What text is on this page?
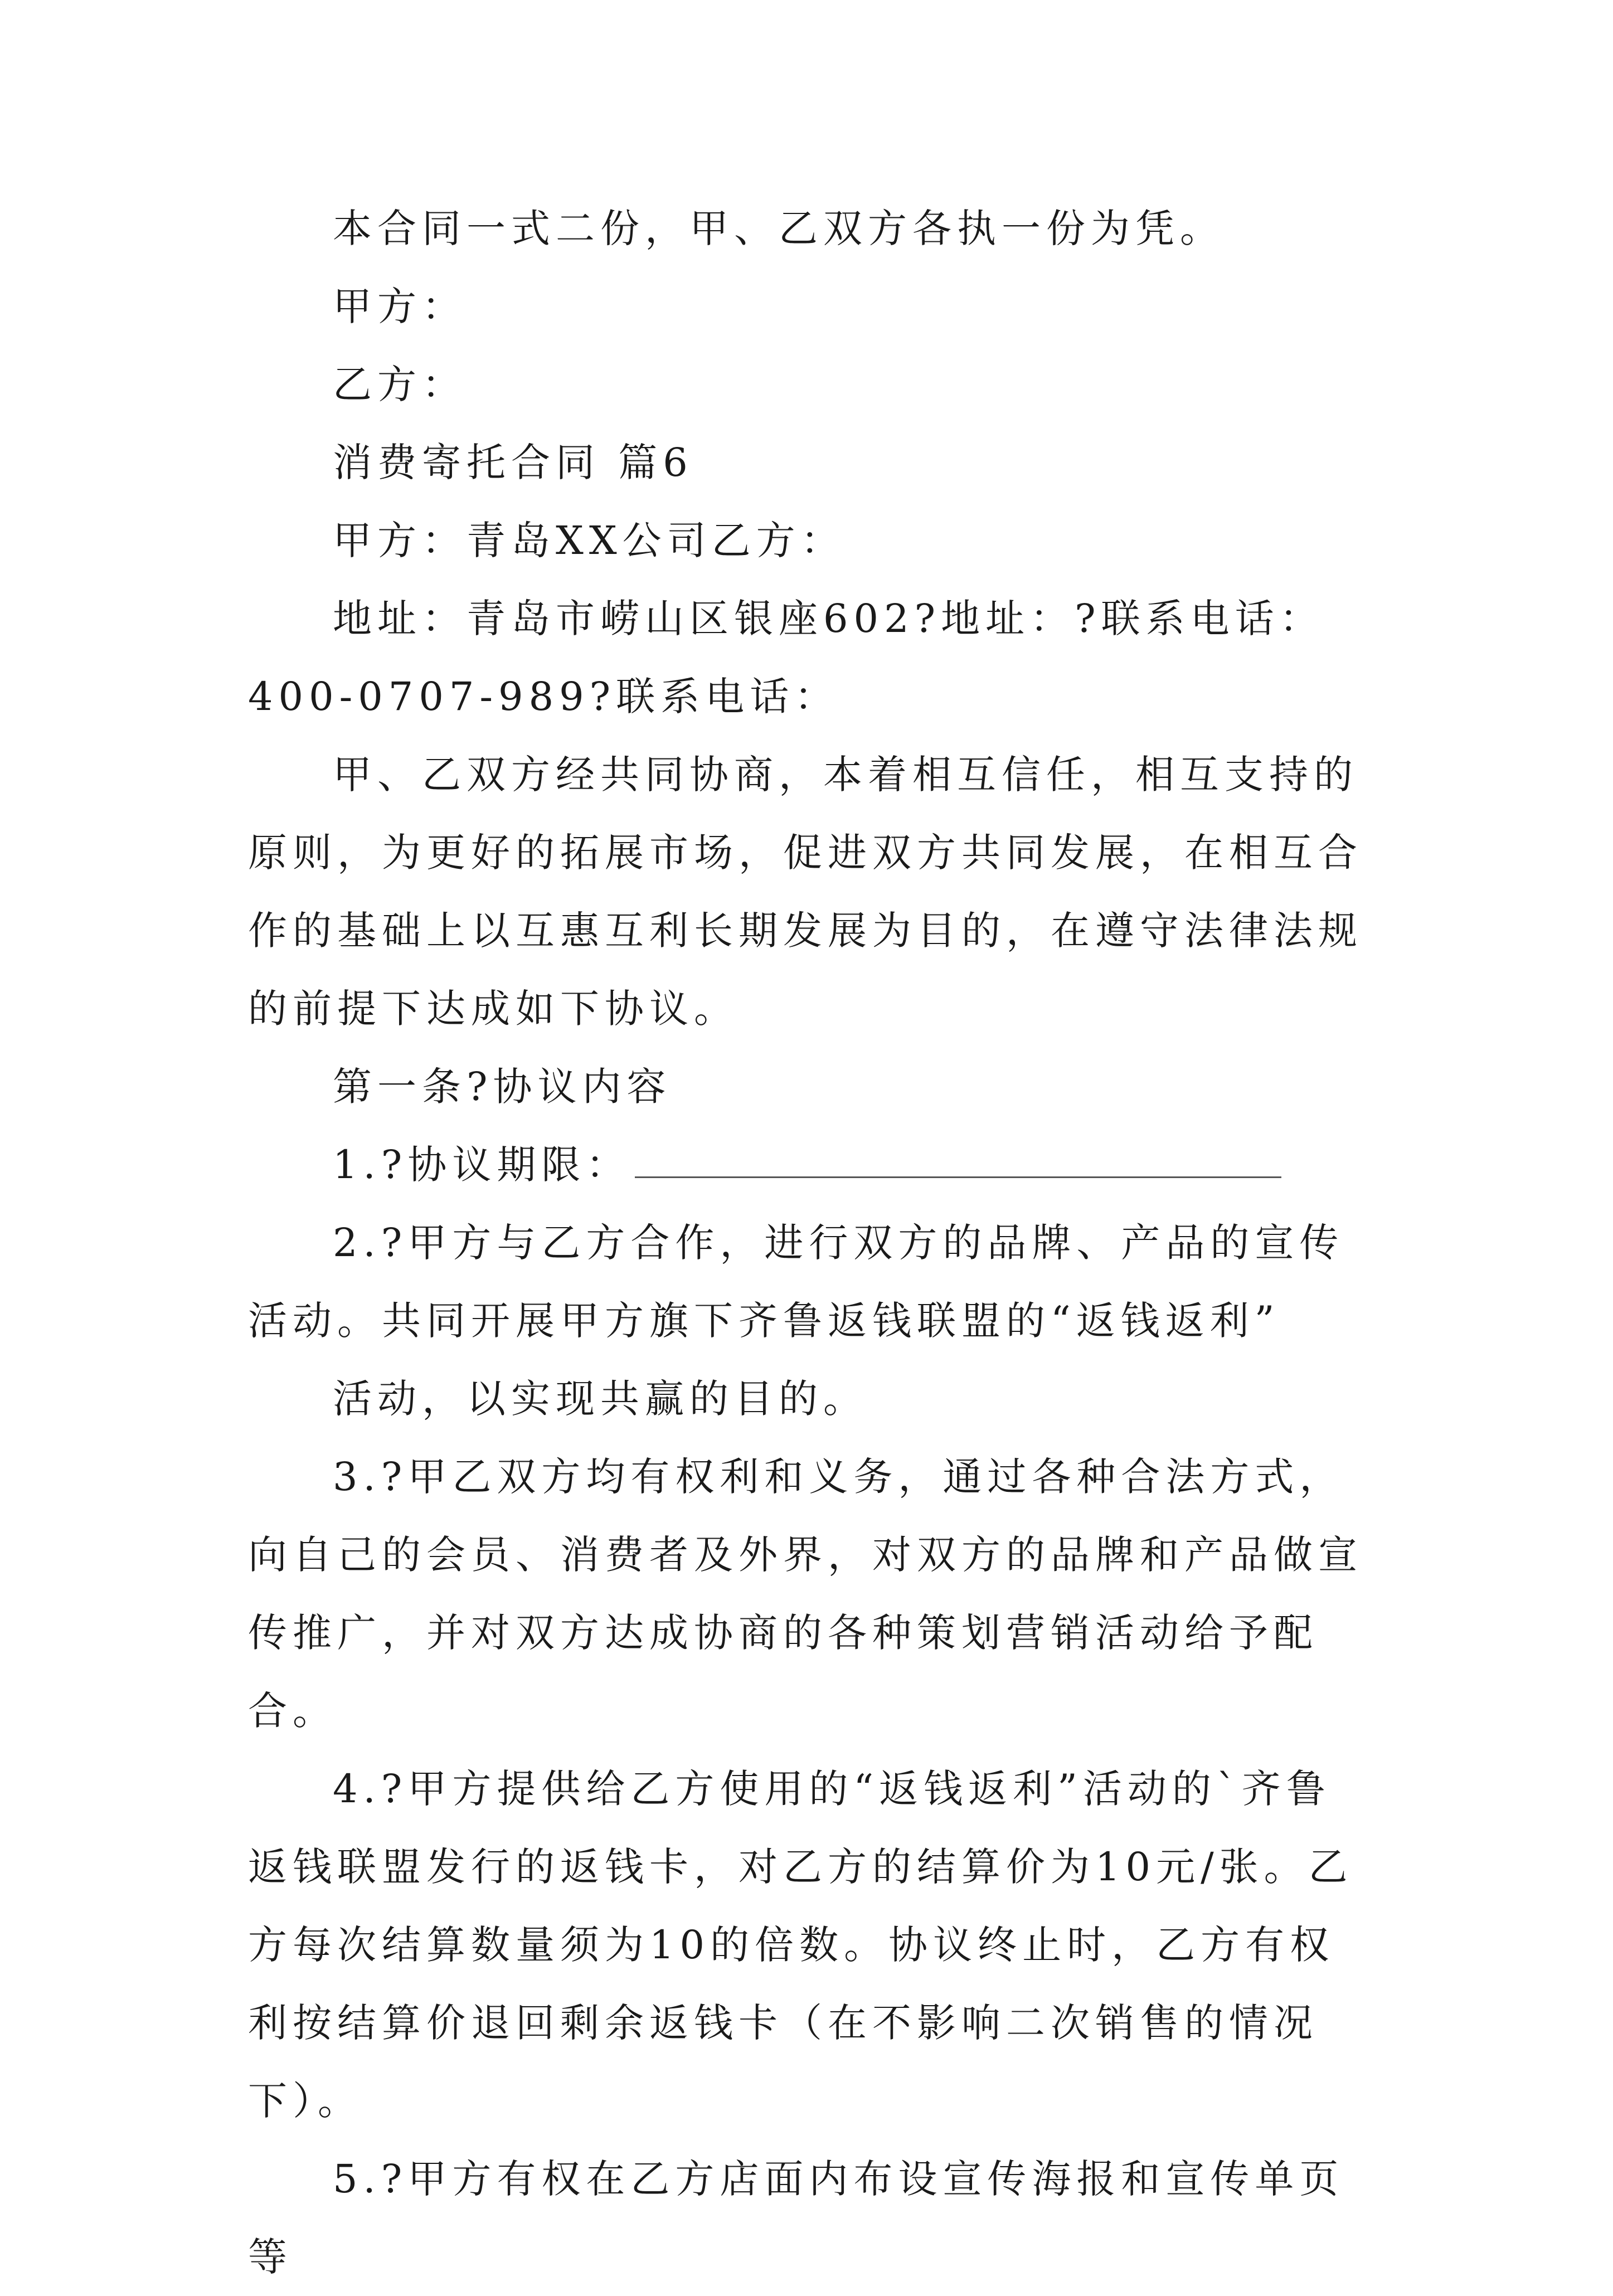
本合同一式二份，甲、乙双方各执一份为凭。

甲方：

乙方：

消费寄托合同 篇6

甲方：青岛XX公司乙方：

地址：青岛市崂山区银座602?地址：?联系电话：400-0707-989?联系电话：

甲、乙双方经共同协商，本着相互信任，相互支持的原则，为更好的拓展市场，促进双方共同发展，在相互合作的基础上以互惠互利长期发展为目的，在遵守法律法规的前提下达成如下协议。

第一条?协议内容

1.?协议期限：

2.?甲方与乙方合作，进行双方的品牌、产品的宣传活动。共同开展甲方旗下齐鲁返钱联盟的“返钱返利”

活动，以实现共赢的目的。

3.?甲乙双方均有权利和义务，通过各种合法方式，向自己的会员、消费者及外界，对双方的品牌和产品做宣传推广，并对双方达成协商的各种策划营销活动给予配合。

4.?甲方提供给乙方使用的“返钱返利”活动的`齐鲁返钱联盟发行的返钱卡，对乙方的结算价为10元/张。乙方每次结算数量须为10的倍数。协议终止时，乙方有权利按结算价退回剩余返钱卡（在不影响二次销售的情况下）。

5.?甲方有权在乙方店面内布设宣传海报和宣传单页等
